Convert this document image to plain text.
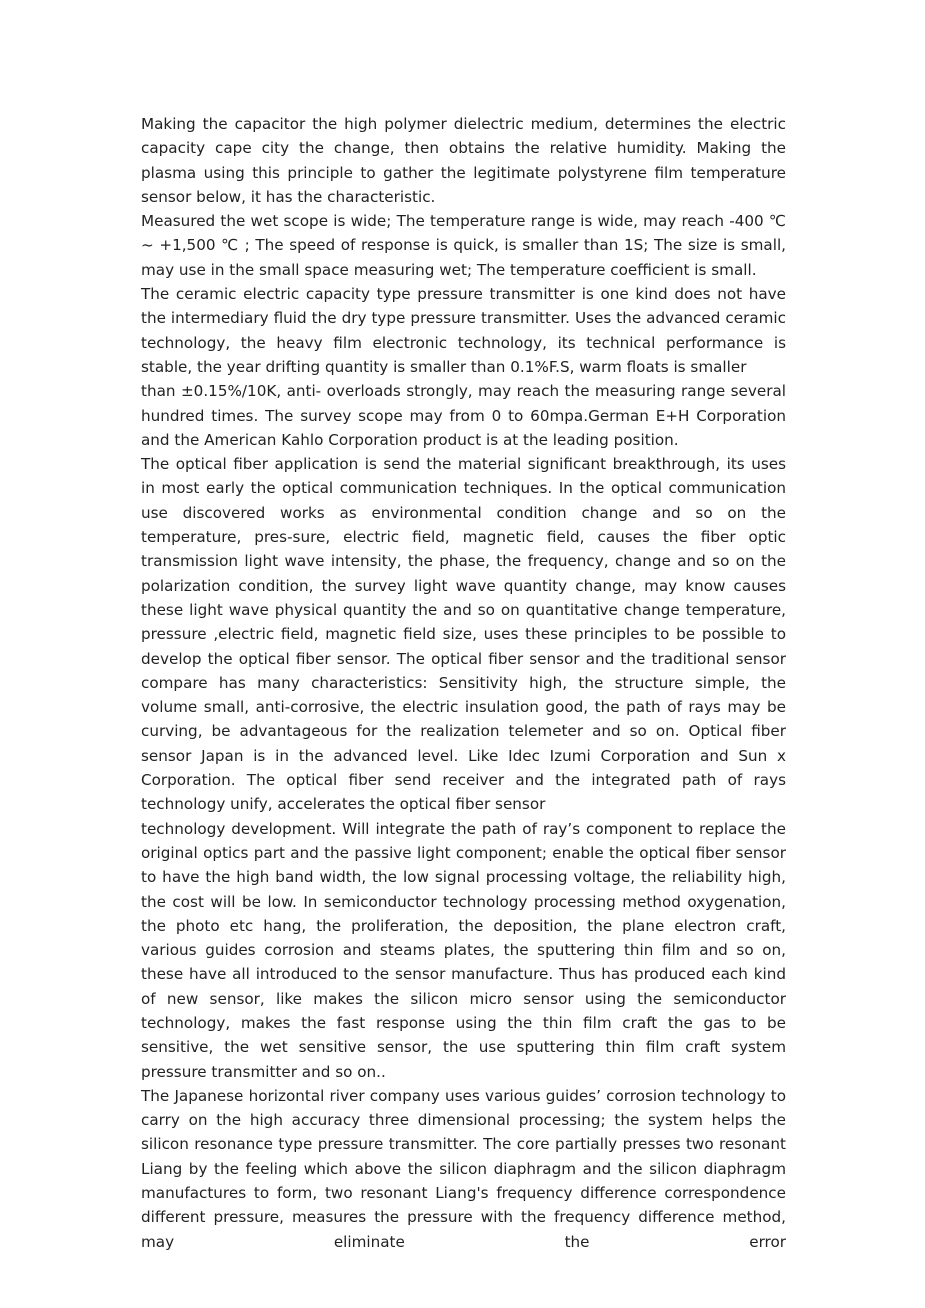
Making the capacitor the high polymer dielectric medium, determines the electric capacity cape city the change, then obtains the relative humidity. Making the plasma using this principle to gather the legitimate polystyrene film temperature sensor below, it has the characteristic.

Measured the wet scope is wide; The temperature range is wide, may reach -400 ℃ ~ +1,500 ℃ ; The speed of response is quick, is smaller than 1S; The size is small, may use in the small space measuring wet; The temperature coefficient is small.

The ceramic electric capacity type pressure transmitter is one kind does not have the intermediary fluid the dry type pressure transmitter. Uses the advanced ceramic technology, the heavy film electronic technology, its technical performance is stable, the year drifting quantity is smaller than 0.1%F.S, warm floats is smaller

than ±0.15%/10K, anti- overloads strongly, may reach the measuring range several hundred times. The survey scope may from 0 to 60mpa.German E+H Corporation and the American Kahlo Corporation product is at the leading position.

The optical fiber application is send the material significant breakthrough, its uses in most early the optical communication techniques. In the optical communication use discovered works as environmental condition change and so on the temperature, pres-sure, electric field, magnetic field, causes the fiber optic transmission light wave intensity, the phase, the frequency, change and so on the polarization condition, the survey light wave quantity change, may know causes these light wave physical quantity the and so on quantitative change temperature, pressure ,electric field, magnetic field size, uses these principles to be possible to develop the optical fiber sensor. The optical fiber sensor and the traditional sensor compare has many characteristics: Sensitivity high, the structure simple, the volume small, anti-corrosive, the electric insulation good, the path of rays may be curving, be advantageous for the realization telemeter and so on. Optical fiber sensor Japan is in the advanced level. Like Idec Izumi Corporation and Sun x Corporation. The optical fiber send receiver and the integrated path of rays technology unify, accelerates the optical fiber sensor

technology development. Will integrate the path of ray’s component to replace the original optics part and the passive light component; enable the optical fiber sensor to have the high band width, the low signal processing voltage, the reliability high, the cost will be low. In semiconductor technology processing method oxygenation, the photo etc hang, the proliferation, the deposition, the plane electron craft, various guides corrosion and steams plates, the sputtering thin film and so on, these have all introduced to the sensor manufacture. Thus has produced each kind of new sensor, like makes the silicon micro sensor using the semiconductor technology, makes the fast response using the thin film craft the gas to be sensitive, the wet sensitive sensor, the use sputtering thin film craft system pressure transmitter and so on..

The Japanese horizontal river company uses various guides’ corrosion technology to carry on the high accuracy three dimensional processing; the system helps the silicon resonance type pressure transmitter. The core partially presses two resonant Liang by the feeling which above the silicon diaphragm and the silicon diaphragm manufactures to form, two resonant Liang's frequency difference correspondence different pressure, measures the pressure with the frequency difference method, may eliminate the error
